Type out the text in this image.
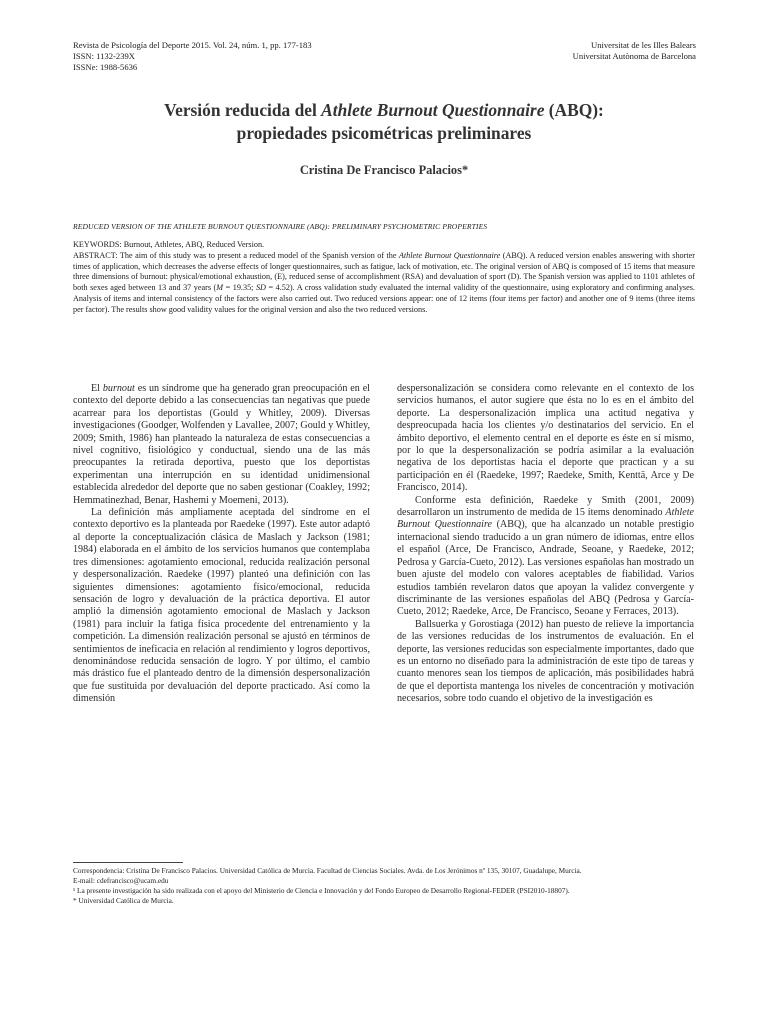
Revista de Psicología del Deporte 2015. Vol. 24, núm. 1, pp. 177-183
ISSN: 1132-239X
ISSNe: 1988-5636
Universitat de les Illes Balears
Universitat Autònoma de Barcelona
Versión reducida del Athlete Burnout Questionnaire (ABQ):
propiedades psicométricas preliminares
Cristina De Francisco Palacios*
REDUCED VERSION OF THE ATHLETE BURNOUT QUESTIONNAIRE (ABQ): PRELIMINARY PSYCHOMETRIC PROPERTIES
KEYWORDS: Burnout, Athletes, ABQ, Reduced Version.
ABSTRACT: The aim of this study was to present a reduced model of the Spanish version of the Athlete Burnout Questionnaire (ABQ). A reduced version enables answering with shorter times of application, which decreases the adverse effects of longer questionnaires, such as fatigue, lack of motivation, etc. The original version of ABQ is composed of 15 items that measure three dimensions of burnout: physical/emotional exhaustion, (E), reduced sense of accomplishment (RSA) and devaluation of sport (D). The Spanish version was applied to 1101 athletes of both sexes aged between 13 and 37 years (M = 19.35; SD = 4.52). A cross validation study evaluated the internal validity of the questionnaire, using exploratory and confirming analyses. Analysis of items and internal consistency of the factors were also carried out. Two reduced versions appear: one of 12 items (four items per factor) and another one of 9 items (three items per factor). The results show good validity values for the original version and also the two reduced versions.

El burnout es un síndrome que ha generado gran preocupación en el contexto del deporte debido a las consecuencias tan negativas que puede acarrear para los deportistas (Gould y Whitley, 2009). Diversas investigaciones (Goodger, Wolfenden y Lavallee, 2007; Gould y Whitley, 2009; Smith, 1986) han planteado la naturaleza de estas consecuencias a nivel cognitivo, fisiológico y conductual, siendo una de las más preocupantes la retirada deportiva, puesto que los deportistas experimentan una interrupción en su identidad unidimensional establecida alrededor del deporte que no saben gestionar (Coakley, 1992; Hemmatinezhad, Benar, Hashemi y Moemeni, 2013).

La definición más ampliamente aceptada del síndrome en el contexto deportivo es la planteada por Raedeke (1997). Este autor adaptó al deporte la conceptualización clásica de Maslach y Jackson (1981; 1984) elaborada en el ámbito de los servicios humanos que contemplaba tres dimensiones: agotamiento emocional, reducida realización personal y despersonalización. Raedeke (1997) planteó una definición con las siguientes dimensiones: agotamiento físico/emocional, reducida sensación de logro y devaluación de la práctica deportiva. El autor amplió la dimensión agotamiento emocional de Maslach y Jackson (1981) para incluir la fatiga física procedente del entrenamiento y la competición. La dimensión realización personal se ajustó en términos de sentimientos de ineficacia en relación al rendimiento y logros deportivos, denominándose reducida sensación de logro. Y por último, el cambio más drástico fue el planteado dentro de la dimensión despersonalización que fue sustituida por devaluación del deporte practicado. Así como la dimensión

despersonalización se considera como relevante en el contexto de los servicios humanos, el autor sugiere que ésta no lo es en el ámbito del deporte. La despersonalización implica una actitud negativa y despreocupada hacia los clientes y/o destinatarios del servicio. En el ámbito deportivo, el elemento central en el deporte es éste en sí mismo, por lo que la despersonalización se podría asimilar a la evaluación negativa de los deportistas hacia el deporte que practican y a su participación en él (Raedeke, 1997; Raedeke, Smith, Kenttä, Arce y De Francisco, 2014).

Conforme esta definición, Raedeke y Smith (2001, 2009) desarrollaron un instrumento de medida de 15 ítems denominado Athlete Burnout Questionnaire (ABQ), que ha alcanzado un notable prestigio internacional siendo traducido a un gran número de idiomas, entre ellos el español (Arce, De Francisco, Andrade, Seoane, y Raedeke, 2012; Pedrosa y García-Cueto, 2012). Las versiones españolas han mostrado un buen ajuste del modelo con valores aceptables de fiabilidad. Varios estudios también revelaron datos que apoyan la validez convergente y discriminante de las versiones españolas del ABQ (Pedrosa y García-Cueto, 2012; Raedeke, Arce, De Francisco, Seoane y Ferraces, 2013).

Ballsuerka y Gorostiaga (2012) han puesto de relieve la importancia de las versiones reducidas de los instrumentos de evaluación. En el deporte, las versiones reducidas son especialmente importantes, dado que es un entorno no diseñado para la administración de este tipo de tareas y cuanto menores sean los tiempos de aplicación, más posibilidades habrá de que el deportista mantenga los niveles de concentración y motivación necesarios, sobre todo cuando el objetivo de la investigación es

Correspondencia: Cristina De Francisco Palacios. Universidad Católica de Murcia. Facultad de Ciencias Sociales. Avda. de Los Jerónimos nº 135, 30107, Guadalupe, Murcia.
E-mail: cdefrancisco@ucam.edu
¹ La presente investigación ha sido realizada con el apoyo del Ministerio de Ciencia e Innovación y del Fondo Europeo de Desarrollo Regional-FEDER (PSI2010-18807).
* Universidad Católica de Murcia.
